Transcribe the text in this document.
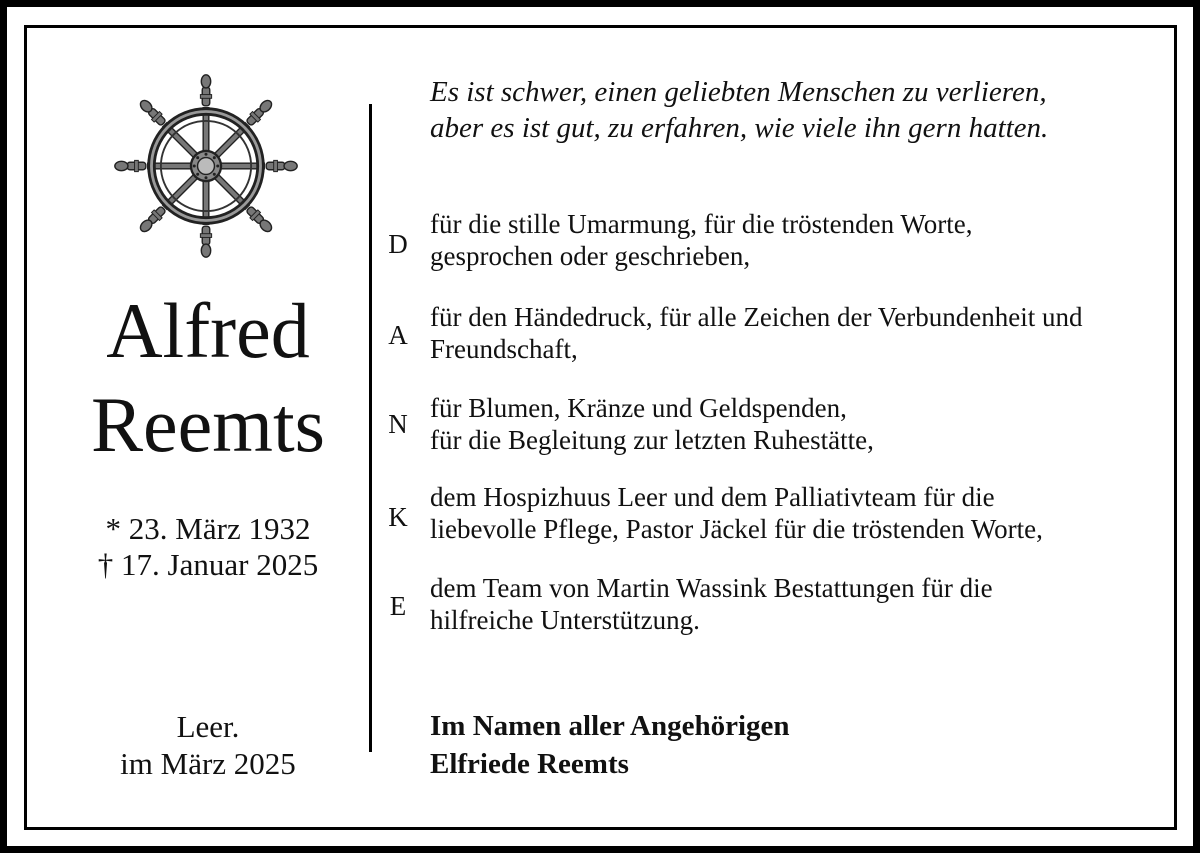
Alfred
Reemts
* 23. März 1932
† 17. Januar 2025
Leer.
im März 2025
Es ist schwer, einen geliebten Menschen zu verlieren,
aber es ist gut, zu erfahren, wie viele ihn gern hatten.
D
für die stille Umarmung, für die tröstenden Worte,
gesprochen oder geschrieben,
A
für den Händedruck, für alle Zeichen der Verbundenheit und
Freundschaft,
N
für Blumen, Kränze und Geldspenden,
für die Begleitung zur letzten Ruhestätte,
K
dem Hospizhuus Leer und dem Palliativteam für die
liebevolle Pflege, Pastor Jäckel für die tröstenden Worte,
E
dem Team von Martin Wassink Bestattungen für die
hilfreiche Unterstützung.
Im Namen aller Angehörigen
Elfriede Reemts
